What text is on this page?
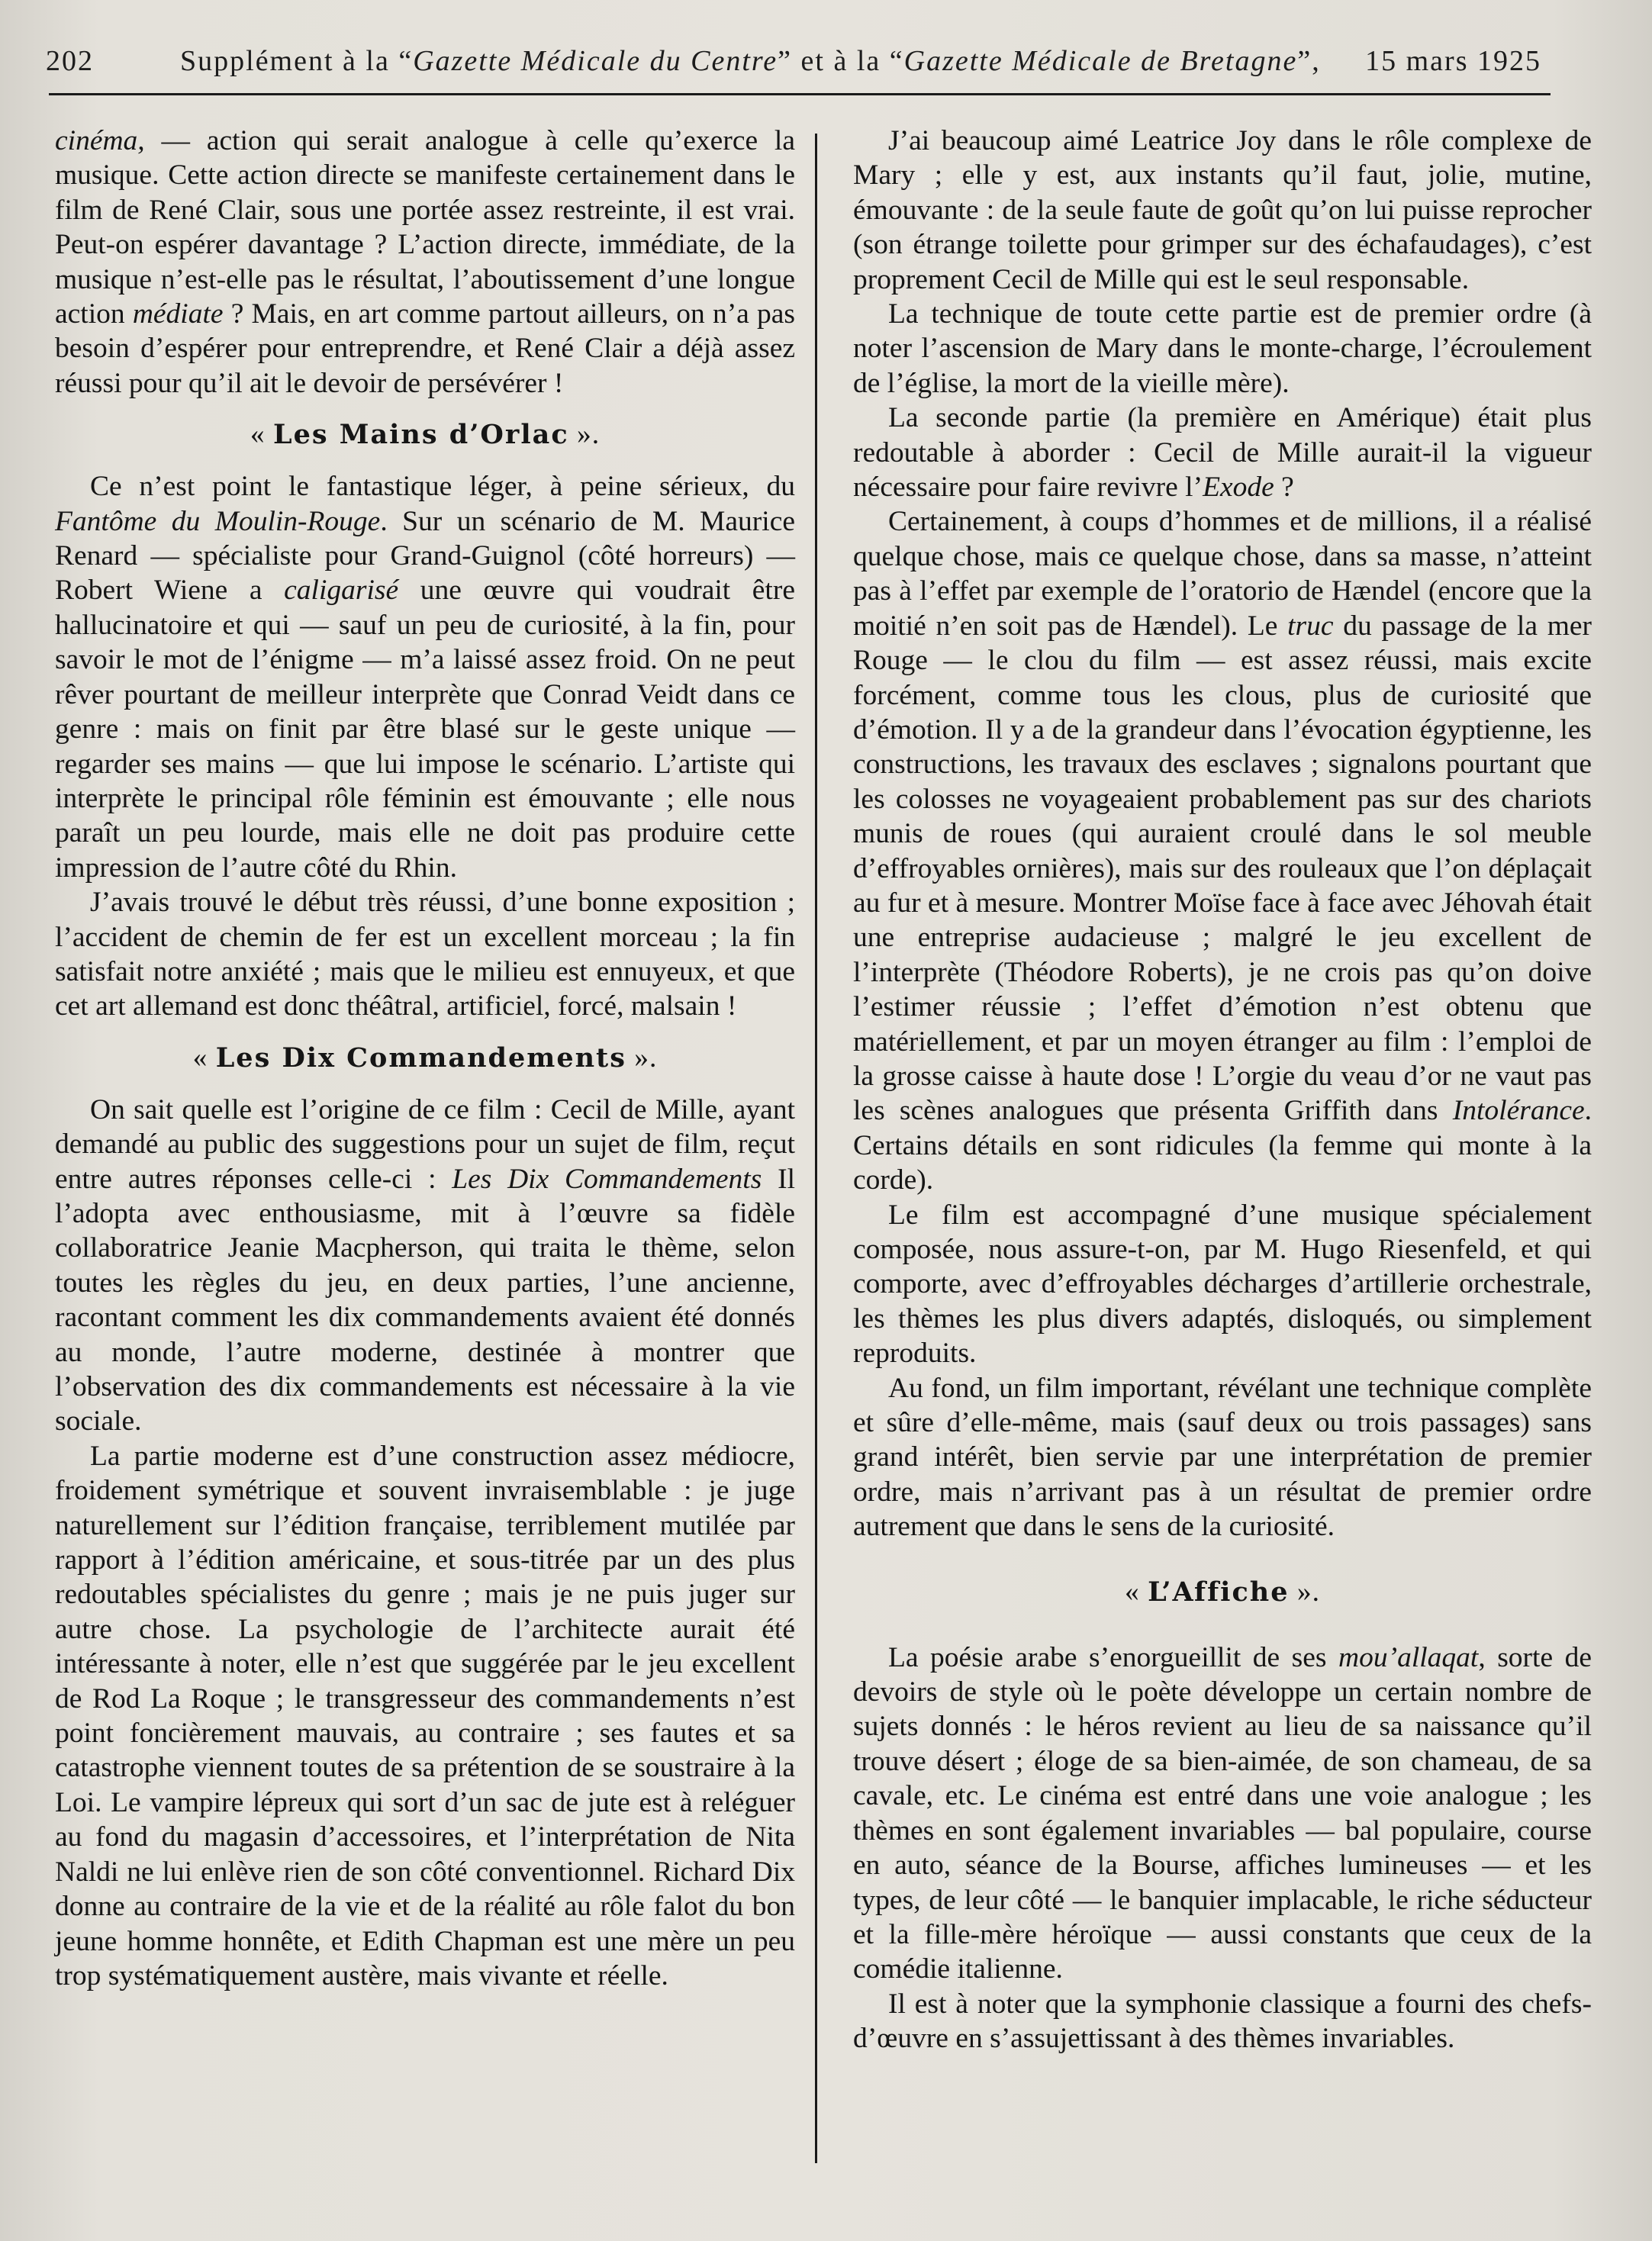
202	Supplément à la “Gazette Médicale du Centre” et à la “Gazette Médicale de Bretagne”, 15 mars 1925

cinéma, — action qui serait analogue à celle qu’exerce la musique. Cette action directe se manifeste certainement dans le film de René Clair, sous une portée assez restreinte, il est vrai. Peut-on espérer davantage ? L’action directe, immédiate, de la musique n’est-elle pas le résultat, l’aboutissement d’une longue action médiate ? Mais, en art comme partout ailleurs, on n’a pas besoin d’espérer pour entreprendre, et René Clair a déjà assez réussi pour qu’il ait le devoir de persévérer !

« Les Mains d’Orlac ».

Ce n’est point le fantastique léger, à peine sérieux, du Fantôme du Moulin-Rouge. Sur un scénario de M. Maurice Renard — spécialiste pour Grand-Guignol (côté horreurs) — Robert Wiene a caligarisé une œuvre qui voudrait être hallucinatoire et qui — sauf un peu de curiosité, à la fin, pour savoir le mot de l’énigme — m’a laissé assez froid. On ne peut rêver pourtant de meilleur interprète que Conrad Veidt dans ce genre : mais on finit par être blasé sur le geste unique — regarder ses mains — que lui impose le scénario. L’artiste qui interprète le principal rôle féminin est émouvante ; elle nous paraît un peu lourde, mais elle ne doit pas produire cette impression de l’autre côté du Rhin.

J’avais trouvé le début très réussi, d’une bonne exposition ; l’accident de chemin de fer est un excellent morceau ; la fin satisfait notre anxiété ; mais que le milieu est ennuyeux, et que cet art allemand est donc théâtral, artificiel, forcé, malsain !

« Les Dix Commandements ».

On sait quelle est l’origine de ce film : Cecil de Mille, ayant demandé au public des suggestions pour un sujet de film, reçut entre autres réponses celle-ci : Les Dix Commandements Il l’adopta avec enthousiasme, mit à l’œuvre sa fidèle collaboratrice Jeanie Macpherson, qui traita le thème, selon toutes les règles du jeu, en deux parties, l’une ancienne, racontant comment les dix commandements avaient été donnés au monde, l’autre moderne, destinée à montrer que l’observation des dix commandements est nécessaire à la vie sociale.

La partie moderne est d’une construction assez médiocre, froidement symétrique et souvent invraisemblable : je juge naturellement sur l’édition française, terriblement mutilée par rapport à l’édition américaine, et sous-titrée par un des plus redoutables spécialistes du genre ; mais je ne puis juger sur autre chose. La psychologie de l’architecte aurait été intéressante à noter, elle n’est que suggérée par le jeu excellent de Rod La Roque ; le transgresseur des commandements n’est point foncièrement mauvais, au contraire ; ses fautes et sa catastrophe viennent toutes de sa prétention de se soustraire à la Loi. Le vampire lépreux qui sort d’un sac de jute est à reléguer au fond du magasin d’accessoires, et l’interprétation de Nita Naldi ne lui enlève rien de son côté conventionnel. Richard Dix donne au contraire de la vie et de la réalité au rôle falot du bon jeune homme honnête, et Edith Chapman est une mère un peu trop systématiquement austère, mais vivante et réelle.

J’ai beaucoup aimé Leatrice Joy dans le rôle complexe de Mary ; elle y est, aux instants qu’il faut, jolie, mutine, émouvante : de la seule faute de goût qu’on lui puisse reprocher (son étrange toilette pour grimper sur des échafaudages), c’est proprement Cecil de Mille qui est le seul responsable.

La technique de toute cette partie est de premier ordre (à noter l’ascension de Mary dans le monte-charge, l’écroulement de l’église, la mort de la vieille mère).

La seconde partie (la première en Amérique) était plus redoutable à aborder : Cecil de Mille aurait-il la vigueur nécessaire pour faire revivre l’Exode ?

Certainement, à coups d’hommes et de millions, il a réalisé quelque chose, mais ce quelque chose, dans sa masse, n’atteint pas à l’effet par exemple de l’oratorio de Hændel (encore que la moitié n’en soit pas de Hændel). Le truc du passage de la mer Rouge — le clou du film — est assez réussi, mais excite forcément, comme tous les clous, plus de curiosité que d’émotion. Il y a de la grandeur dans l’évocation égyptienne, les constructions, les travaux des esclaves ; signalons pourtant que les colosses ne voyageaient probablement pas sur des chariots munis de roues (qui auraient croulé dans le sol meuble d’effroyables ornières), mais sur des rouleaux que l’on déplaçait au fur et à mesure. Montrer Moïse face à face avec Jéhovah était une entreprise audacieuse ; malgré le jeu excellent de l’interprète (Théodore Roberts), je ne crois pas qu’on doive l’estimer réussie ; l’effet d’émotion n’est obtenu que matériellement, et par un moyen étranger au film : l’emploi de la grosse caisse à haute dose ! L’orgie du veau d’or ne vaut pas les scènes analogues que présenta Griffith dans Intolérance. Certains détails en sont ridicules (la femme qui monte à la corde).

Le film est accompagné d’une musique spécialement composée, nous assure-t-on, par M. Hugo Riesenfeld, et qui comporte, avec d’effroyables décharges d’artillerie orchestrale, les thèmes les plus divers adaptés, disloqués, ou simplement reproduits.

Au fond, un film important, révélant une technique complète et sûre d’elle-même, mais (sauf deux ou trois passages) sans grand intérêt, bien servie par une interprétation de premier ordre, mais n’arrivant pas à un résultat de premier ordre autrement que dans le sens de la curiosité.

« L’Affiche ».

La poésie arabe s’enorgueillit de ses mou’allaqat, sorte de devoirs de style où le poète développe un certain nombre de sujets donnés : le héros revient au lieu de sa naissance qu’il trouve désert ; éloge de sa bien-aimée, de son chameau, de sa cavale, etc. Le cinéma est entré dans une voie analogue ; les thèmes en sont également invariables — bal populaire, course en auto, séance de la Bourse, affiches lumineuses — et les types, de leur côté — le banquier implacable, le riche séducteur et la fille-mère héroïque — aussi constants que ceux de la comédie italienne.

Il est à noter que la symphonie classique a fourni des chefs-d’œuvre en s’assujettissant à des thèmes invariables.
